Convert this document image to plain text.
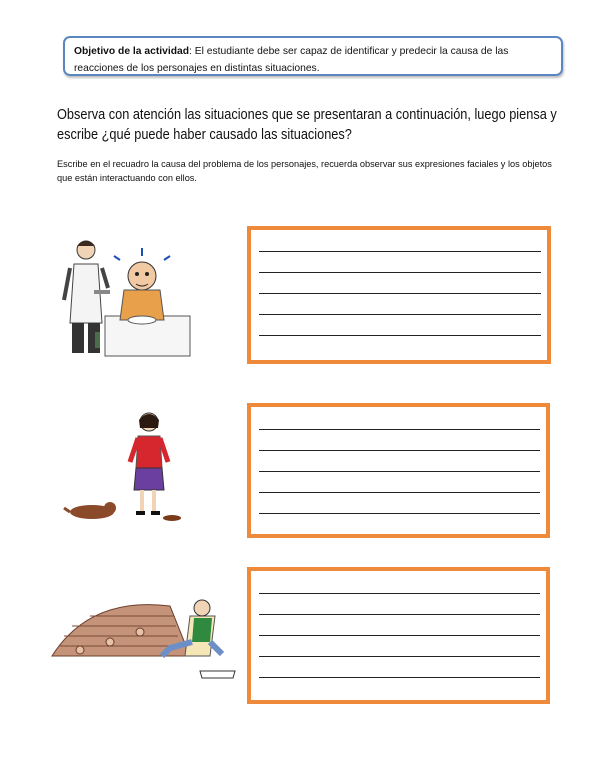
Objetivo de la actividad: El estudiante debe ser capaz de identificar y predecir la causa de las reacciones de los personajes en distintas situaciones.
Observa con atención las situaciones que se presentaran a continuación, luego piensa y escribe ¿qué puede haber causado las situaciones?
Escribe en el recuadro la causa del problema de los personajes, recuerda observar sus expresiones faciales y los objetos que están interactuando con ellos.
